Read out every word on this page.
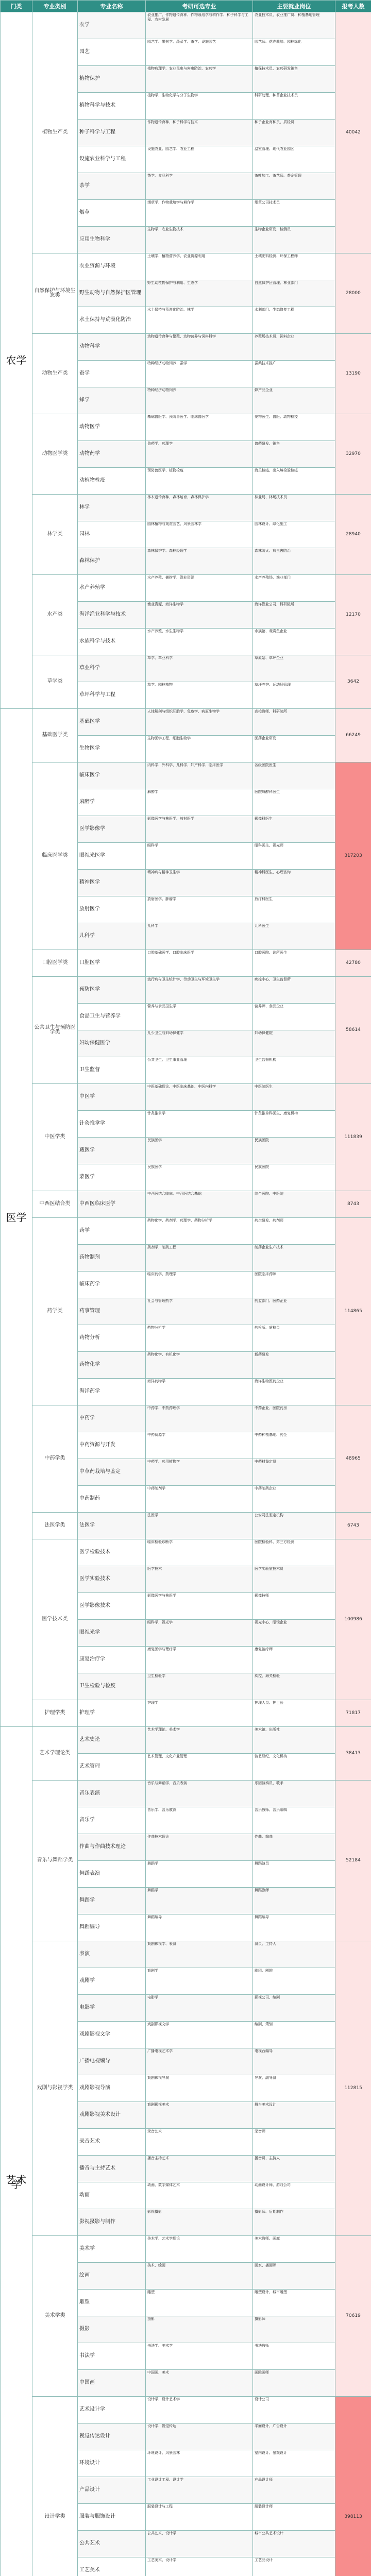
门类	专业类别	专业名称	考研可选专业	主要就业岗位	报考人数
农学	植物生产类	农学	农业推广、作物遗传育种、作物栽培学与耕作学、种子科学与工程、农村发展	农业技术员、农业推广员、种植基地管理	40042
		园艺	园艺学、果树学、蔬菜学、茶学、设施园艺	园艺师、花卉栽培、园林绿化	
		植物保护	植物病理学、农业昆虫与害虫防治、农药学	植保技术员、农药研发销售	
		植物科学与技术	植物学、生物化学与分子生物学	科研助理、种苗企业技术员	
		种子科学与工程	作物遗传育种、种子科学与技术	种子企业育种员、质检员	
		设施农业科学与工程	设施农业、园艺学、农业工程	温室管理、现代农业园区	
		茶学	茶学、食品科学	茶叶加工、茶艺师、茶企管理	
		烟草	烟草学、作物栽培学与耕作学	烟草公司技术员	
		应用生物科学	生物学、农业生物技术	生物企业研发、检测员	
	自然保护与环境生态类	农业资源与环境	土壤学、植物营养学、农业资源利用	土壤肥料检测、环保工程师	28000
		野生动物与自然保护区管理	野生动植物保护与利用、生态学	自然保护区管理、林业部门	
		水土保持与荒漠化防治	水土保持与荒漠化防治、林学	水利部门、生态修复工程	
	动物生产类	动物科学	动物遗传育种与繁殖、动物营养与饲料科学	养殖场技术员、饲料企业	13190
		蚕学	特种经济动物饲养、蚕学	蚕桑技术推广	
		蜂学	特种经济动物饲养	蜂产品企业	
	动物医学类	动物医学	基础兽医学、预防兽医学、临床兽医学	宠物医生、兽医、动物检疫	32970
		动物药学	兽药学、药理学	兽药研发、销售	
		动植物检疫	预防兽医学、植物检疫	海关检疫、出入境检验检疫	
	林学类	林学	林木遗传育种、森林培育、森林保护学	林业局、林场技术员	28940
		园林	园林植物与观赏园艺、风景园林学	园林设计、绿化施工	
		森林保护	森林保护学、森林经理学	森林防火、病虫害防治	
	水产类	水产养殖学	水产养殖、捕捞学、渔业资源	水产养殖场、渔业部门	12170
		海洋渔业科学与技术	渔业资源、海洋生物学	海洋渔业公司、科研院所	
		水族科学与技术	水产养殖、水生生物学	水族馆、观赏鱼企业	
	草学类	草业科学	草学、草业科学	草原站、草坪企业	3642
		草坪科学与工程	草学、园林植物	草坪养护、运动场管理	
医学	基础医学类	基础医学	人体解剖与组织胚胎学、免疫学、病原生物学	高校教师、科研院所	66249
		生物医学	生物医学工程、细胞生物学	医药企业研发	
	临床医学类	临床医学	内科学、外科学、儿科学、妇产科学、临床医学	各级医院医生	317203
		麻醉学	麻醉学	医院麻醉科医生	
		医学影像学	影像医学与核医学、放射医学	影像科医生	
		眼视光医学	眼科学	眼科医生、视光师	
		精神医学	精神病与精神卫生学	精神科医生、心理咨询	
		放射医学	放射医学、肿瘤学	放疗科医生	
		儿科学	儿科学	儿科医生	
	口腔医学类	口腔医学	口腔基础医学、口腔临床医学	口腔医院、诊所医生	42780
	公共卫生与预防医学类	预防医学	流行病与卫生统计学、劳动卫生与环境卫生学	疾控中心、卫生监督所	58614
		食品卫生与营养学	营养与食品卫生学	营养师、食品企业	
		妇幼保健医学	儿少卫生与妇幼保健学	妇幼保健院	
		卫生监督	公共卫生、卫生事业管理	卫生监督机构	
	中医学类	中医学	中医基础理论、中医临床基础、中医内科学	中医院医生	111839
		针灸推拿学	针灸推拿学	针灸推拿科医生、康复机构	
		藏医学	民族医学	民族医院	
		蒙医学	民族医学	民族医院	
	中西医结合类	中西医临床医学	中西医结合临床、中西医结合基础	综合医院、中医院	8743
	药学类	药学	药物化学、药剂学、药理学、药物分析学	药企研发、药剂师	114865
		药物制剂	药剂学、制药工程	制药企业生产技术	
		临床药学	临床药学、药理学	医院临床药师	
		药事管理	社会与管理药学	药监部门、医药企业	
		药物分析	药物分析学	药检所、质检员	
		药物化学	药物化学、有机化学	新药研发	
		海洋药学	海洋药物学	海洋生物医药企业	
	中药学类	中药学	中药学、中药药理学	中药企业、医院药房	48965
		中药资源与开发	中药资源学	中药种植基地、药企	
		中草药栽培与鉴定	中药学、药用植物学	中药材鉴定员	
		中药制药	中药制剂学	中药制药企业	
	法医学类	法医学	法医学	公安司法鉴定机构	6743
	医学技术类	医学检验技术	临床检验诊断学	医院检验科、第三方检测	100986
		医学实验技术	医学技术	医学实验室技术员	
		医学影像技术	影像医学与核医学	影像技师	
		眼视光学	眼科学、视光学	视光中心、眼镜企业	
		康复治疗学	康复医学与理疗学	康复治疗师	
		卫生检验与检疫	卫生检验学	疾控、海关检验	
	护理学类	护理学	护理学	护理人员、护士长	71817
艺术学	艺术学理论类	艺术史论	艺术学理论、美术学	美术馆、出版社	38413
		艺术管理	艺术管理、文化产业管理	演艺经纪、文化机构	
	音乐与舞蹈学类	音乐表演	音乐与舞蹈学、音乐表演	乐团演奏员、歌手	52184
		音乐学	音乐学、音乐教育	音乐教师、音乐编辑	
		作曲与作曲技术理论	作曲技术理论	作曲、编曲	
		舞蹈表演	舞蹈学	舞蹈演员	
		舞蹈学	舞蹈学	舞蹈教师	
		舞蹈编导	舞蹈编导	舞蹈编导	
	戏剧与影视学类	表演	戏剧影视学、表演	演员、主持人	112815
		戏剧学	戏剧学	剧团、剧院	
		电影学	电影学	影视公司、编剧	
		戏剧影视文学	戏剧影视文学	编剧、策划	
		广播电视编导	广播电视艺术学	电视台编导	
		戏剧影视导演	戏剧影视导演	导演、副导演	
		戏剧影视美术设计	戏剧影视美术	舞台美术设计	
		录音艺术	录音艺术	录音师	
		播音与主持艺术	播音主持艺术	播音员、主持人	
		动画	动画、数字媒体艺术	动画设计师、游戏公司	
		影视摄影与制作	影视摄影	摄影师、后期制作	
	美术学类	美术学	美术学、艺术学理论	美术教师、画廊	70619
		绘画	美术、绘画	画家、插画师	
		雕塑	雕塑	雕塑设计、城市雕塑	
		摄影	摄影	摄影师	
		书法学	书法学、美术学	书法教师	
		中国画	中国画、美术	画院画师	
	设计学类	艺术设计学	设计学、设计艺术学	设计公司	398113
		视觉传达设计	设计学、视觉传达	平面设计、广告设计	
		环境设计	环境设计、风景园林	室内设计、景观设计	
		产品设计	工业设计工程、设计学	产品设计师	
		服装与服饰设计	服装设计与工程	服装设计师	
		公共艺术	公共艺术、设计学	城市公共艺术设计	
		工艺美术	工艺美术、设计学	工艺品设计	
